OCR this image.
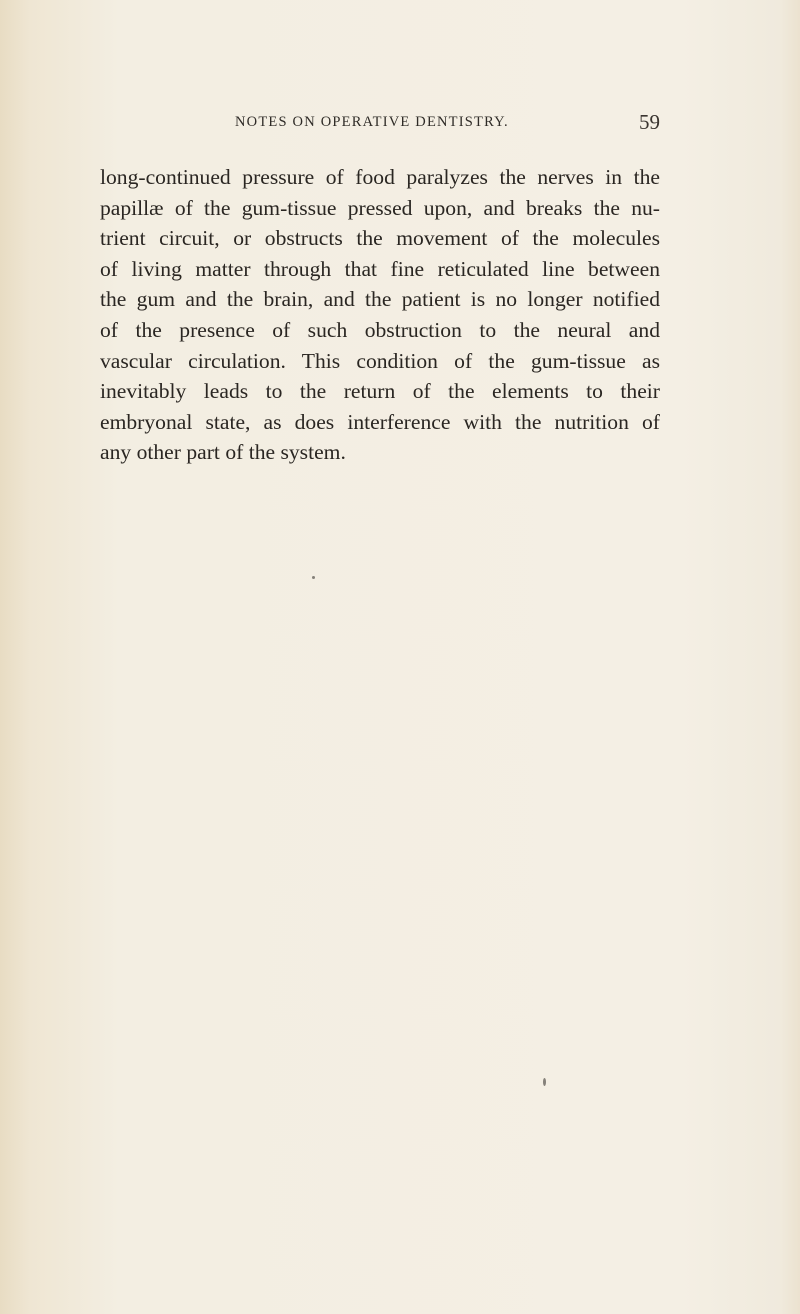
NOTES ON OPERATIVE DENTISTRY.	59
long-continued pressure of food paralyzes the nerves in the
papillæ of the gum-tissue pressed upon, and breaks the nu-
trient circuit, or obstructs the movement of the molecules
of living matter through that fine reticulated line between
the gum and the brain, and the patient is no longer notified
of the presence of such obstruction to the neural and
vascular circulation. This condition of the gum-tissue as
inevitably leads to the return of the elements to their
embryonal state, as does interference with the nutrition of
any other part of the system.
